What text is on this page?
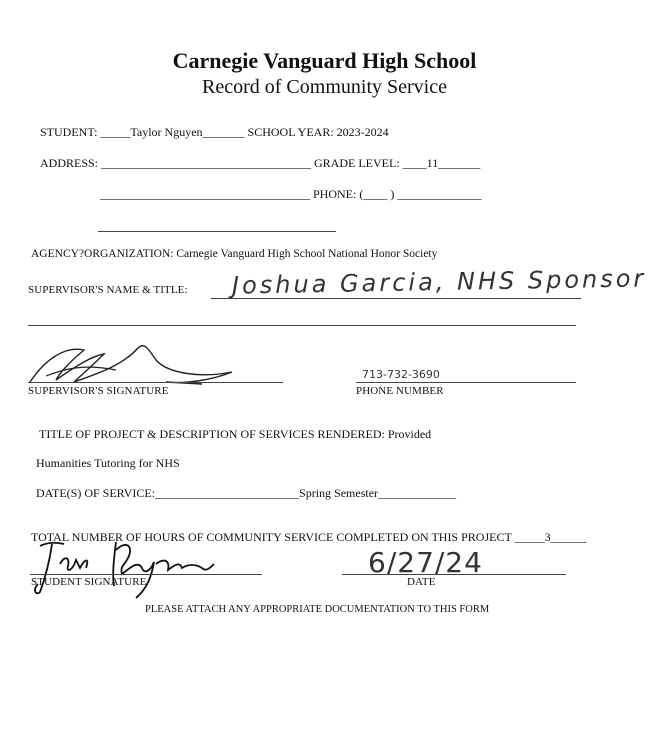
Carnegie Vanguard High School
Record of Community Service
STUDENT: _____Taylor Nguyen_______ SCHOOL YEAR: 2023-2024
ADDRESS: ___________________________________ GRADE LEVEL: ____11_______
___________________________________ PHONE: (____ ) ______________
AGENCY?ORGANIZATION: Carnegie Vanguard High School National Honor Society
SUPERVISOR'S NAME & TITLE: Joshua Garcia, NHS Sponsor
SUPERVISOR'S SIGNATURE
713-732-3690
PHONE NUMBER
TITLE OF PROJECT & DESCRIPTION OF SERVICES RENDERED: Provided
Humanities Tutoring for NHS
DATE(S) OF SERVICE:________________________Spring Semester_____________
TOTAL NUMBER OF HOURS OF COMMUNITY SERVICE COMPLETED ON THIS PROJECT _____3______
STUDENT SIGNATURE
6/27/24
DATE
PLEASE ATTACH ANY APPROPRIATE DOCUMENTATION TO THIS FORM
